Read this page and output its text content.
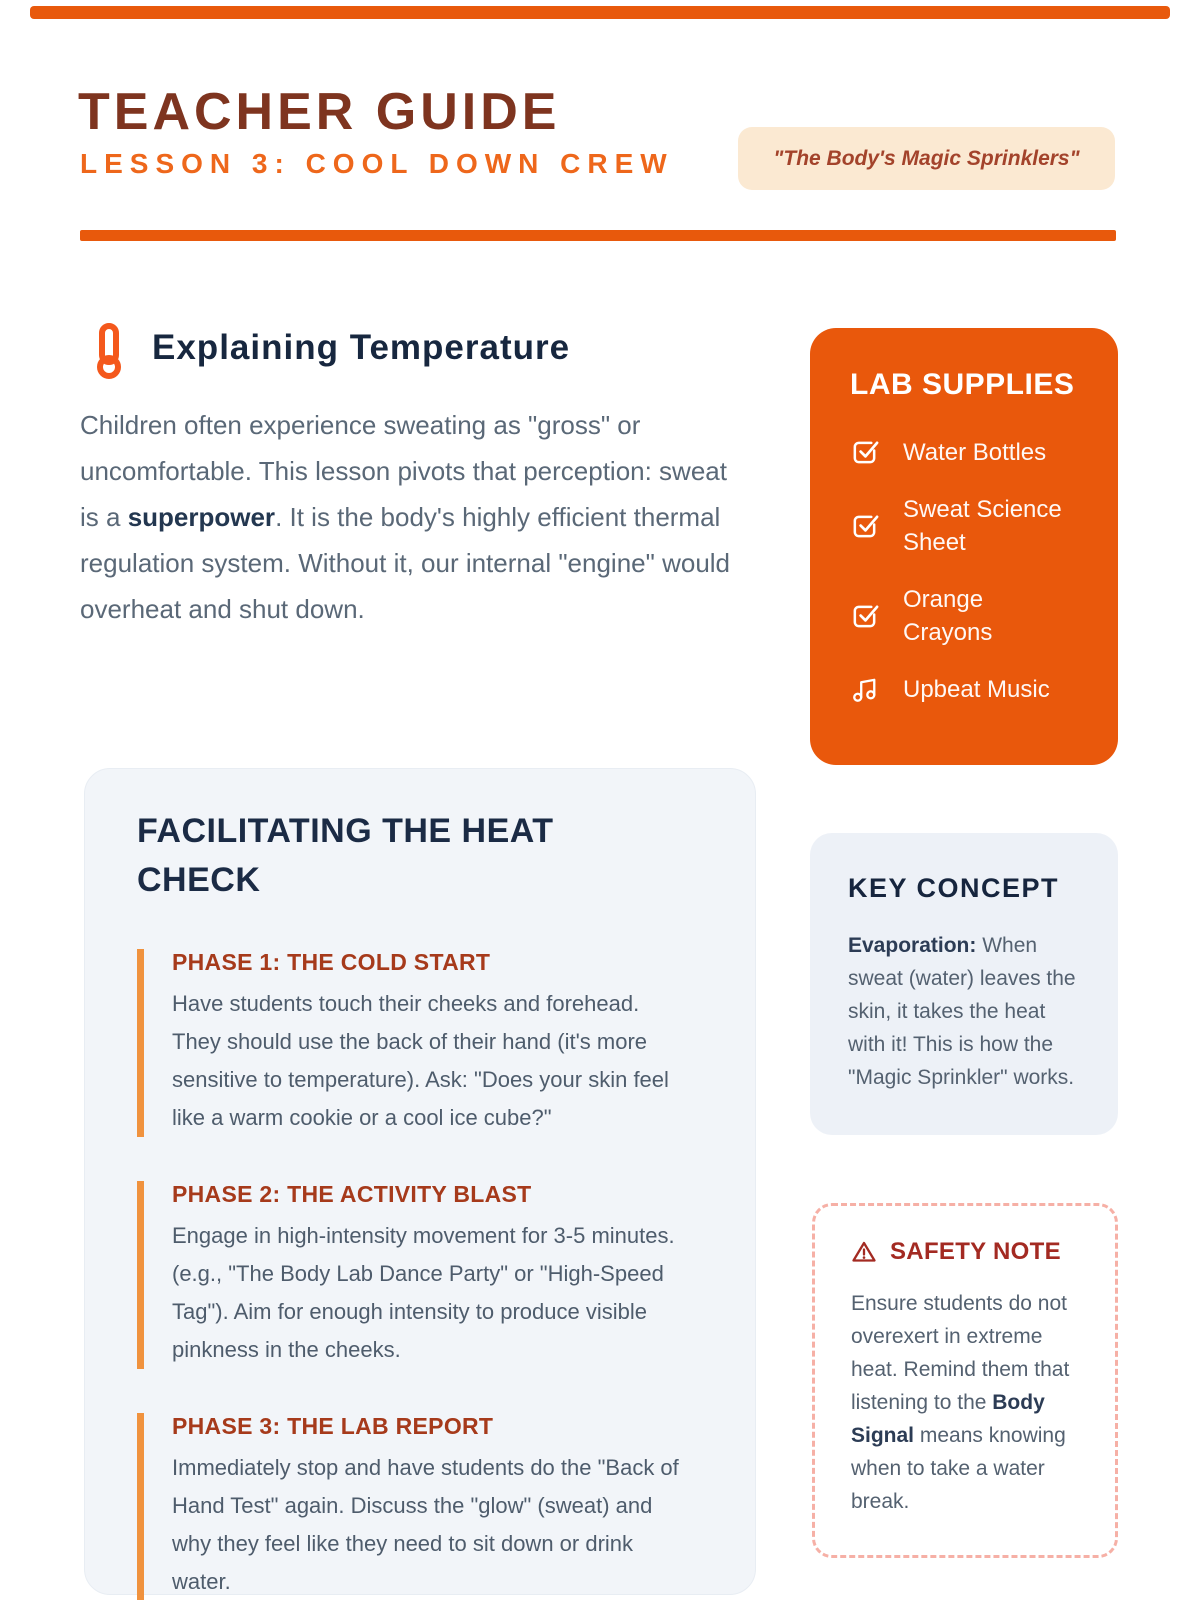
TEACHER GUIDE
LESSON 3: COOL DOWN CREW	"The Body's Magic Sprinklers"
Explaining Temperature
Children often experience sweating as "gross" or uncomfortable. This lesson pivots that perception: sweat is a superpower. It is the body's highly efficient thermal regulation system. Without it, our internal "engine" would overheat and shut down.
FACILITATING THE HEAT CHECK
PHASE 1: THE COLD START
Have students touch their cheeks and forehead. They should use the back of their hand (it's more sensitive to temperature). Ask: "Does your skin feel like a warm cookie or a cool ice cube?"
PHASE 2: THE ACTIVITY BLAST
Engage in high-intensity movement for 3-5 minutes. (e.g., "The Body Lab Dance Party" or "High-Speed Tag"). Aim for enough intensity to produce visible pinkness in the cheeks.
PHASE 3: THE LAB REPORT
Immediately stop and have students do the "Back of Hand Test" again. Discuss the "glow" (sweat) and why they feel like they need to sit down or drink water.
LAB SUPPLIES
Water Bottles
Sweat Science Sheet
Orange Crayons
Upbeat Music
KEY CONCEPT
Evaporation: When sweat (water) leaves the skin, it takes the heat with it! This is how the "Magic Sprinkler" works.
SAFETY NOTE
Ensure students do not overexert in extreme heat. Remind them that listening to the Body Signal means knowing when to take a water break.
